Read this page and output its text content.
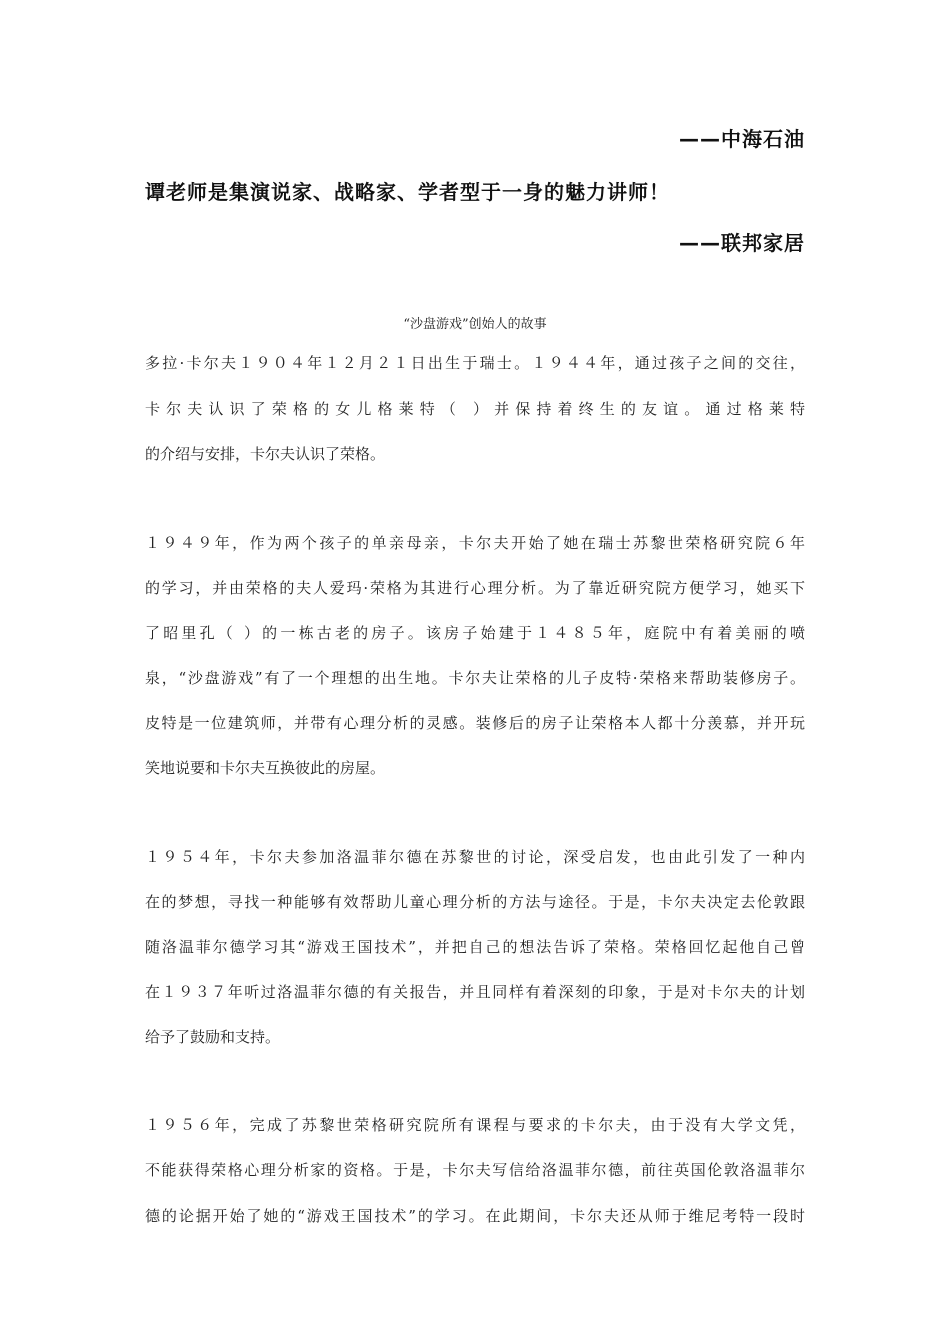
——中海石油
谭老师是集演说家、战略家、学者型于一身的魅力讲师！
——联邦家居
“沙盘游戏”创始人的故事
多拉·卡尔夫１９０４年１２月２１日出生于瑞士。１９４４年，通过孩子之间的交往，
卡尔夫认识了荣格的女儿格莱特（ ）并保持着终生的友谊。通过格莱特
的介绍与安排，卡尔夫认识了荣格。
１９４９年，作为两个孩子的单亲母亲，卡尔夫开始了她在瑞士苏黎世荣格研究院６年
的学习，并由荣格的夫人爱玛·荣格为其进行心理分析。为了靠近研究院方便学习，她买下
了昭里孔（ ）的一栋古老的房子。该房子始建于１４８５年，庭院中有着美丽的喷
泉，“沙盘游戏”有了一个理想的出生地。卡尔夫让荣格的儿子皮特·荣格来帮助装修房子。
皮特是一位建筑师，并带有心理分析的灵感。装修后的房子让荣格本人都十分羡慕，并开玩
笑地说要和卡尔夫互换彼此的房屋。
１９５４年，卡尔夫参加洛温菲尔德在苏黎世的讨论，深受启发，也由此引发了一种内
在的梦想，寻找一种能够有效帮助儿童心理分析的方法与途径。于是，卡尔夫决定去伦敦跟
随洛温菲尔德学习其“游戏王国技术”，并把自己的想法告诉了荣格。荣格回忆起他自己曾
在１９３７年听过洛温菲尔德的有关报告，并且同样有着深刻的印象，于是对卡尔夫的计划
给予了鼓励和支持。
１９５６年，完成了苏黎世荣格研究院所有课程与要求的卡尔夫，由于没有大学文凭，
不能获得荣格心理分析家的资格。于是，卡尔夫写信给洛温菲尔德，前往英国伦敦洛温菲尔
德的论据开始了她的“游戏王国技术”的学习。在此期间，卡尔夫还从师于维尼考特一段时
